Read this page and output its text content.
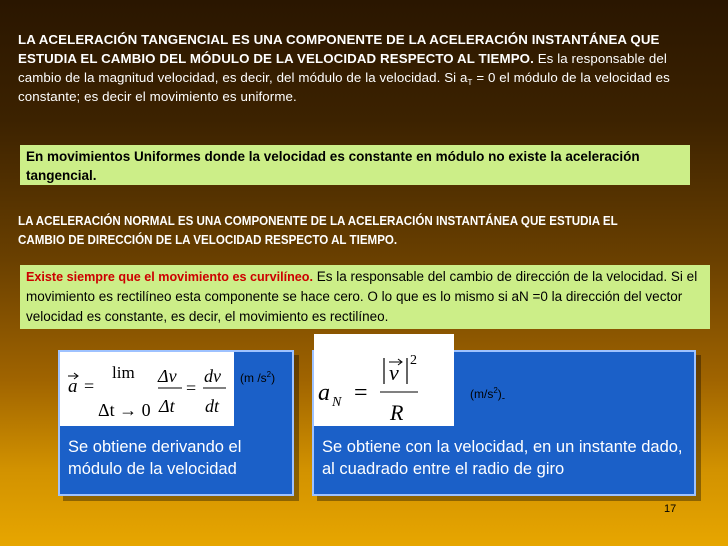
LA ACELERACIÓN TANGENCIAL ES UNA COMPONENTE DE LA ACELERACIÓN INSTANTÁNEA QUE ESTUDIA EL CAMBIO DEL MÓDULO DE LA VELOCIDAD RESPECTO AL TIEMPO. Es la responsable del cambio de la magnitud velocidad, es decir, del módulo de la velocidad. Si $a_T = 0$ el módulo de la velocidad es constante; es decir el movimiento es uniforme.
En movimientos Uniformes donde la velocidad es constante en módulo no existe la aceleración tangencial.
LA ACELERACIÓN NORMAL ES UNA COMPONENTE DE LA ACELERACIÓN INSTANTÁNEA QUE ESTUDIA EL CAMBIO DE DIRECCIÓN DE LA VELOCIDAD RESPECTO AL TIEMPO.
Existe siempre que el movimiento es curvilíneo. Es la responsable del cambio de dirección de la velocidad. Si el movimiento es rectilíneo esta componente se hace cero. O lo que es lo mismo si aN =0 la dirección del vector velocidad es constante, es decir, el movimiento es rectilíneo.
a =
lim
Δt → 0
Δv
Δt
=
dv
dt
(m $/s^2$)
Se obtiene derivando el módulo de la velocidad
a N =
v 2
R
$(m/s^2)_-$
Se obtiene con la velocidad, en un instante dado, al cuadrado entre el radio de giro
17
